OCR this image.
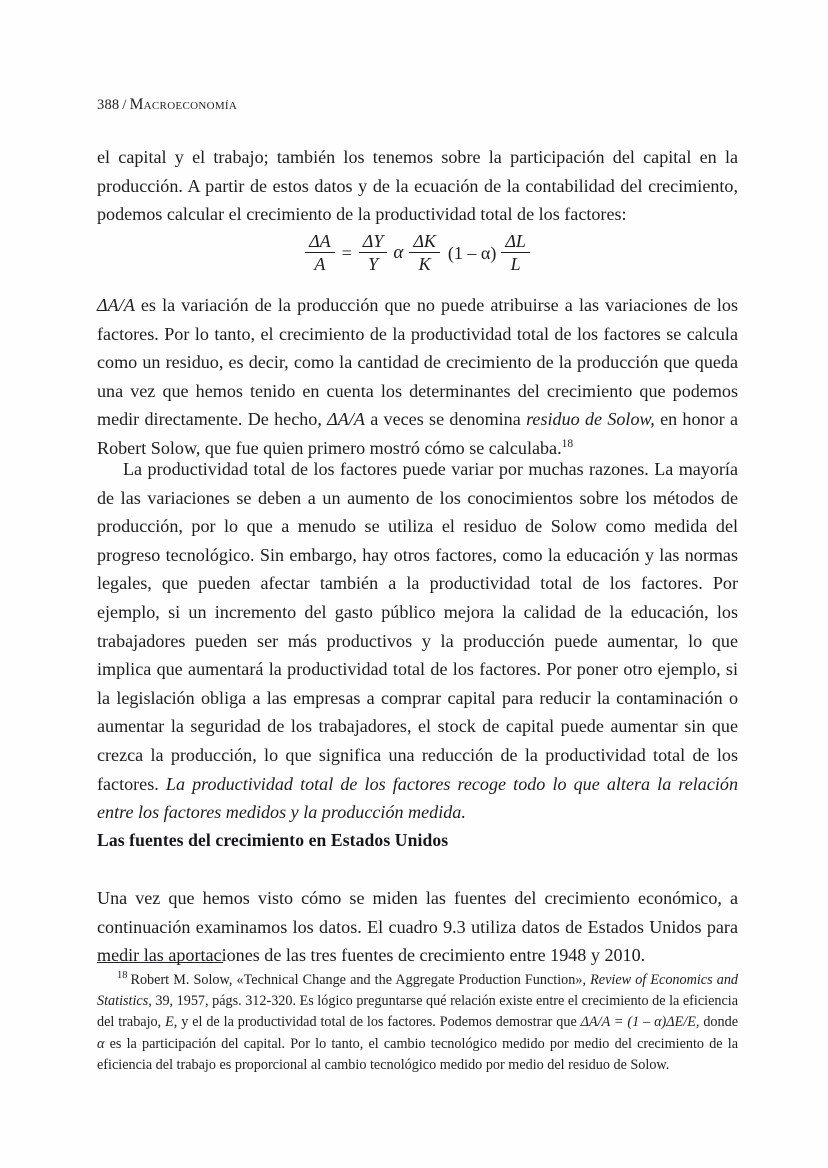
388 / Macroeconomía

el capital y el trabajo; también los tenemos sobre la participación del capital en la producción. A partir de estos datos y de la ecuación de la contabilidad del crecimiento, podemos calcular el crecimiento de la productividad total de los factores:

$\frac{\Delta A}{A} = \frac{\Delta Y}{Y}$ α $\frac{\Delta K}{K} (1 - \alpha) \frac{\Delta L}{L}$

ΔA/A es la variación de la producción que no puede atribuirse a las variaciones de los factores. Por lo tanto, el crecimiento de la productividad total de los factores se calcula como un residuo, es decir, como la cantidad de crecimiento de la producción que queda una vez que hemos tenido en cuenta los determinantes del crecimiento que podemos medir directamente. De hecho, ΔA/A a veces se denomina residuo de Solow, en honor a Robert Solow, que fue quien primero mostró cómo se calculaba.$^{18}$

La productividad total de los factores puede variar por muchas razones. La mayoría de las variaciones se deben a un aumento de los conocimientos sobre los métodos de producción, por lo que a menudo se utiliza el residuo de Solow como medida del progreso tecnológico. Sin embargo, hay otros factores, como la educación y las normas legales, que pueden afectar también a la productividad total de los factores. Por ejemplo, si un incremento del gasto público mejora la calidad de la educación, los trabajadores pueden ser más productivos y la producción puede aumentar, lo que implica que aumentará la productividad total de los factores. Por poner otro ejemplo, si la legislación obliga a las empresas a comprar capital para reducir la contaminación o aumentar la seguridad de los trabajadores, el stock de capital puede aumentar sin que crezca la producción, lo que significa una reducción de la productividad total de los factores. La productividad total de los factores recoge todo lo que altera la relación entre los factores medidos y la producción medida.

Las fuentes del crecimiento en Estados Unidos

Una vez que hemos visto cómo se miden las fuentes del crecimiento económico, a continuación examinamos los datos. El cuadro 9.3 utiliza datos de Estados Unidos para medir las aportaciones de las tres fuentes de crecimiento entre 1948 y 2010.

$^{18}$ Robert M. Solow, «Technical Change and the Aggregate Production Function», Review of Economics and Statistics, 39, 1957, págs. 312-320. Es lógico preguntarse qué relación existe entre el crecimiento de la eficiencia del trabajo, E, y el de la productividad total de los factores. Podemos demostrar que ΔA/A = (1 – α)ΔE/E, donde α es la participación del capital. Por lo tanto, el cambio tecnológico medido por medio del crecimiento de la eficiencia del trabajo es proporcional al cambio tecnológico medido por medio del residuo de Solow.
